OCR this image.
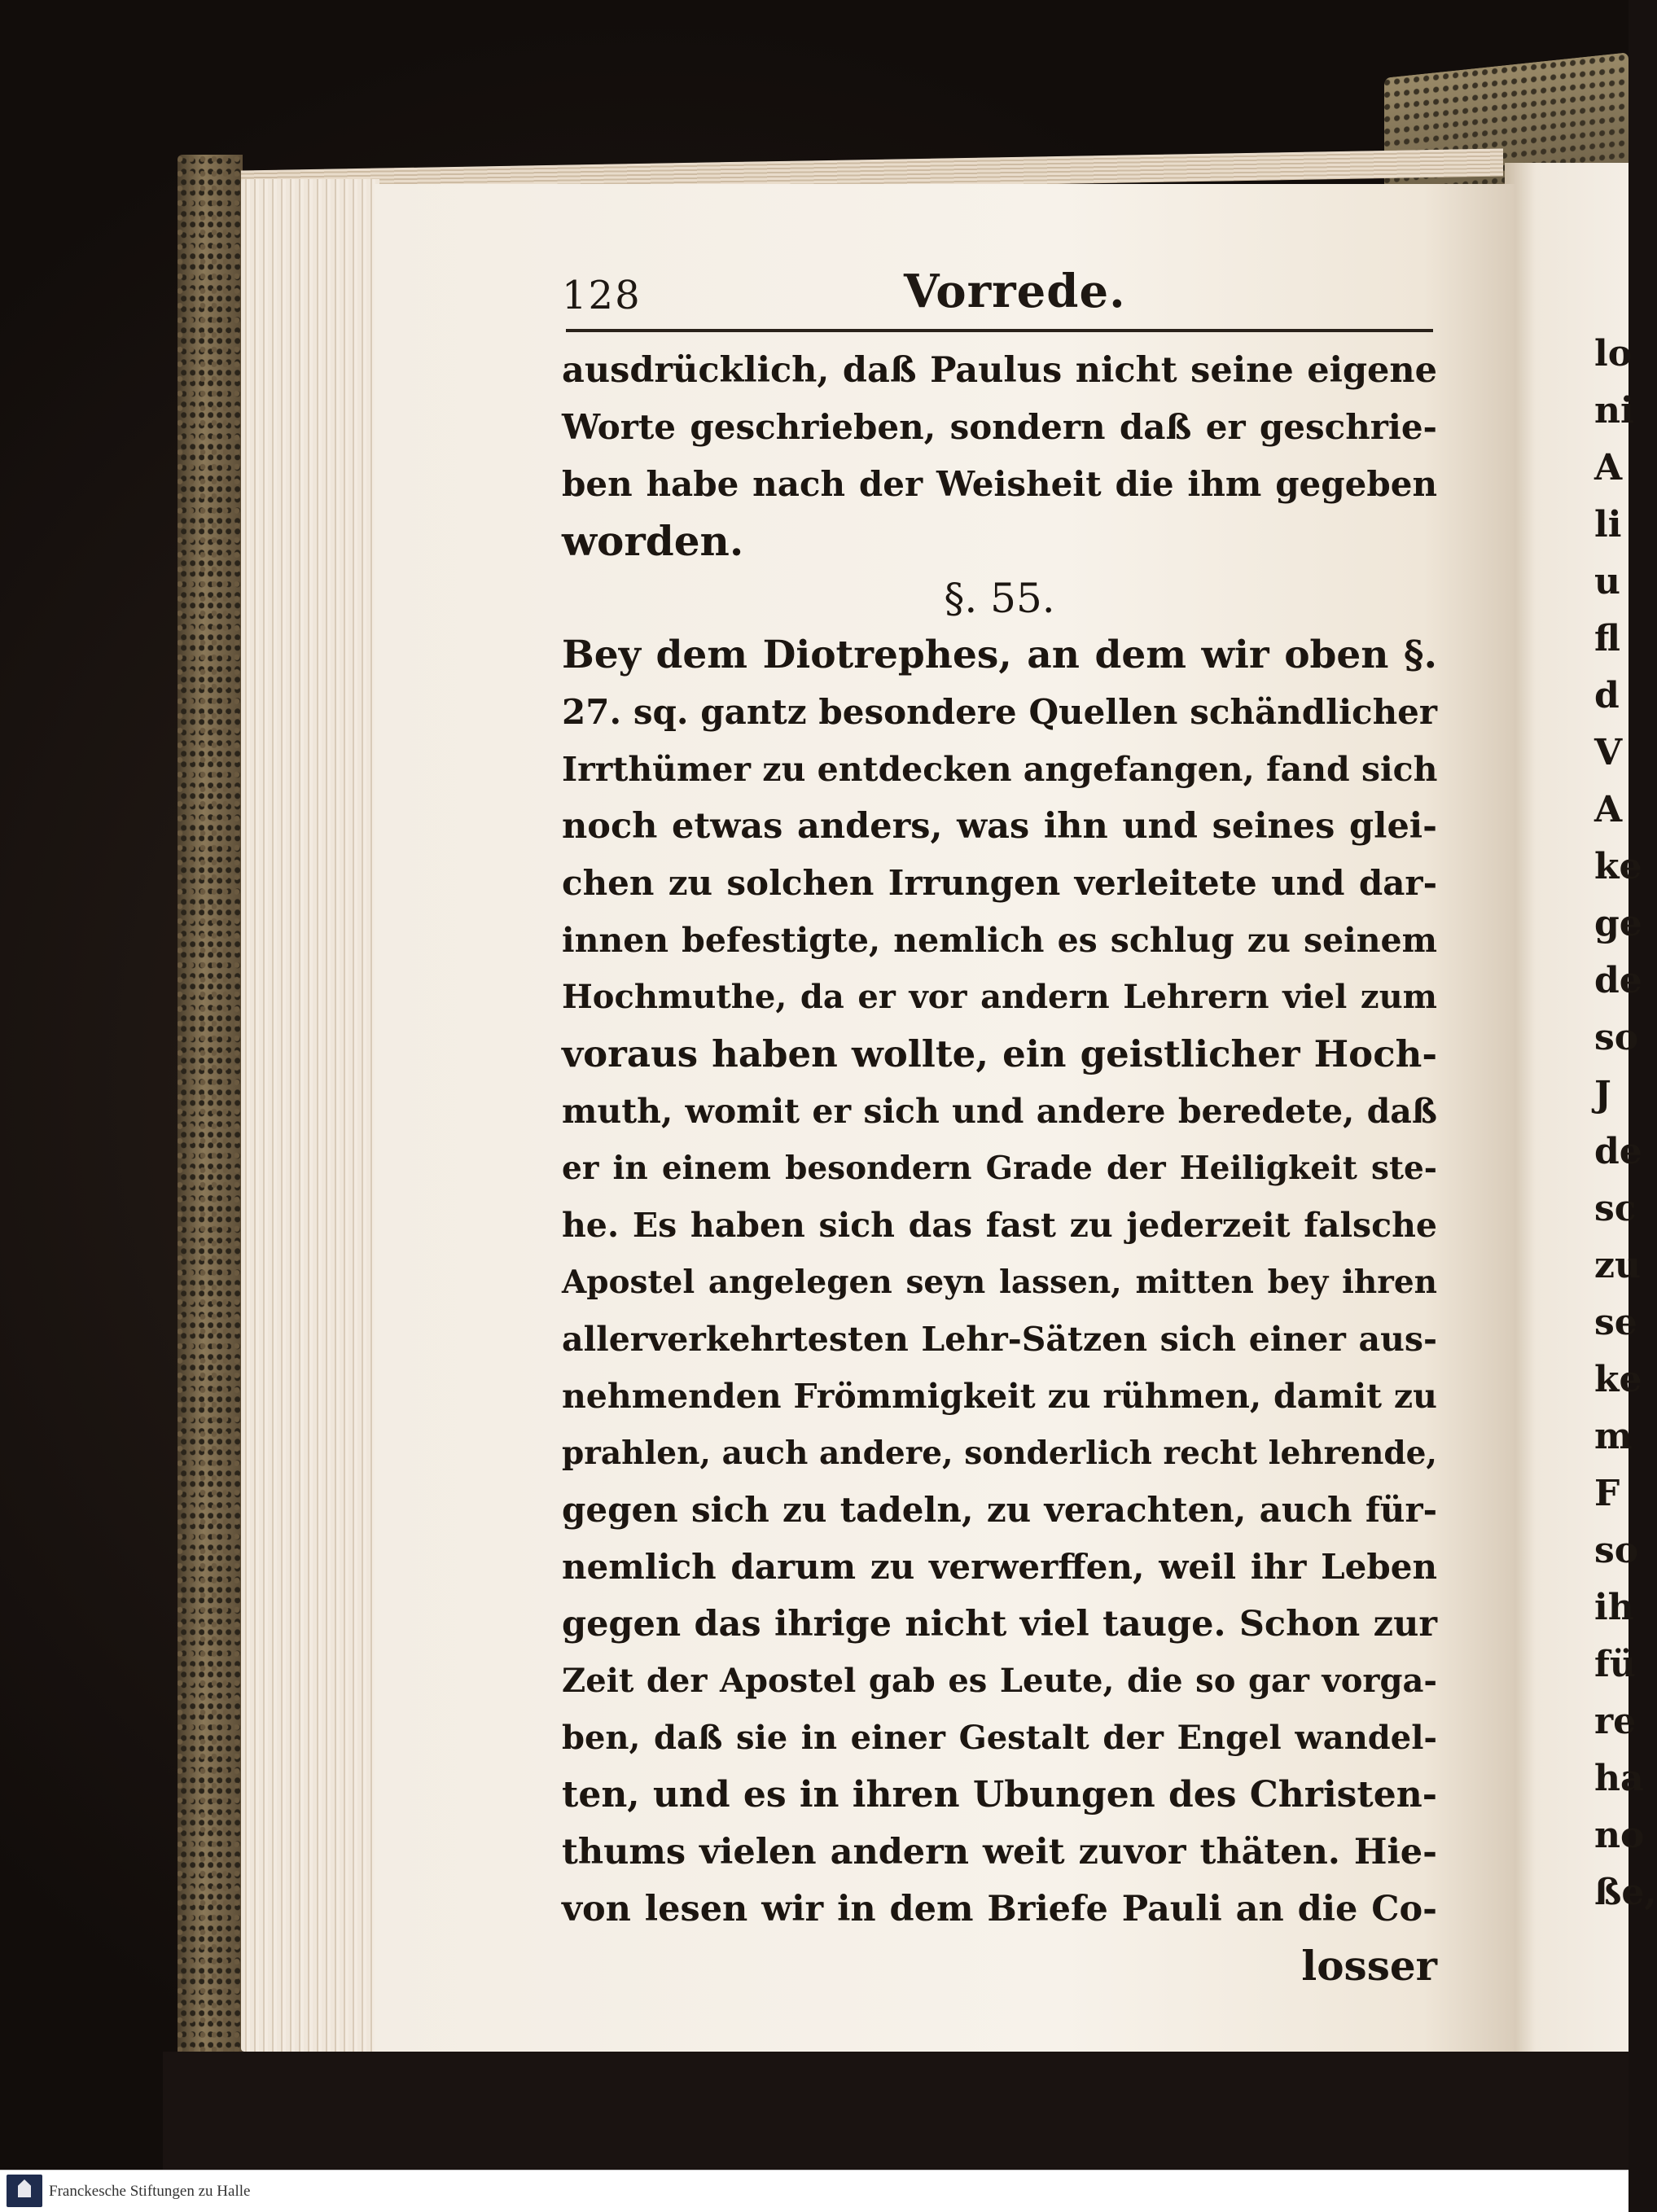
128	Vorrede.
ausdrücklich, daß Paulus nicht seine eigene
Worte geschrieben, sondern daß er geschrie-
ben habe nach der Weisheit die ihm gegeben
worden.
§. 55.
Bey dem Diotrephes, an dem wir oben §.
27. sq. gantz besondere Quellen schändlicher
Irrthümer zu entdecken angefangen, fand sich
noch etwas anders, was ihn und seines glei-
chen zu solchen Irrungen verleitete und dar-
innen befestigte, nemlich es schlug zu seinem
Hochmuthe, da er vor andern Lehrern viel zum
voraus haben wollte, ein geistlicher Hoch-
muth, womit er sich und andere beredete, daß
er in einem besondern Grade der Heiligkeit ste-
he. Es haben sich das fast zu jederzeit falsche
Apostel angelegen seyn lassen, mitten bey ihren
allerverkehrtesten Lehr-Sätzen sich einer aus-
nehmenden Frömmigkeit zu rühmen, damit zu
prahlen, auch andere, sonderlich recht lehrende,
gegen sich zu tadeln, zu verachten, auch für-
nemlich darum zu verwerffen, weil ihr Leben
gegen das ihrige nicht viel tauge. Schon zur
Zeit der Apostel gab es Leute, die so gar vorga-
ben, daß sie in einer Gestalt der Engel wandel-
ten, und es in ihren Ubungen des Christen-
thums vielen andern weit zuvor thäten. Hie-
von lesen wir in dem Briefe Pauli an die Co-
losser
lo
ni
A
li
u
fl
d
V
A
ke
ge
de
so
J
de
sc
zu
se
ke
m
F
so
ih
fü
re
ha
no
ße,
Franckesche Stiftungen zu Halle
